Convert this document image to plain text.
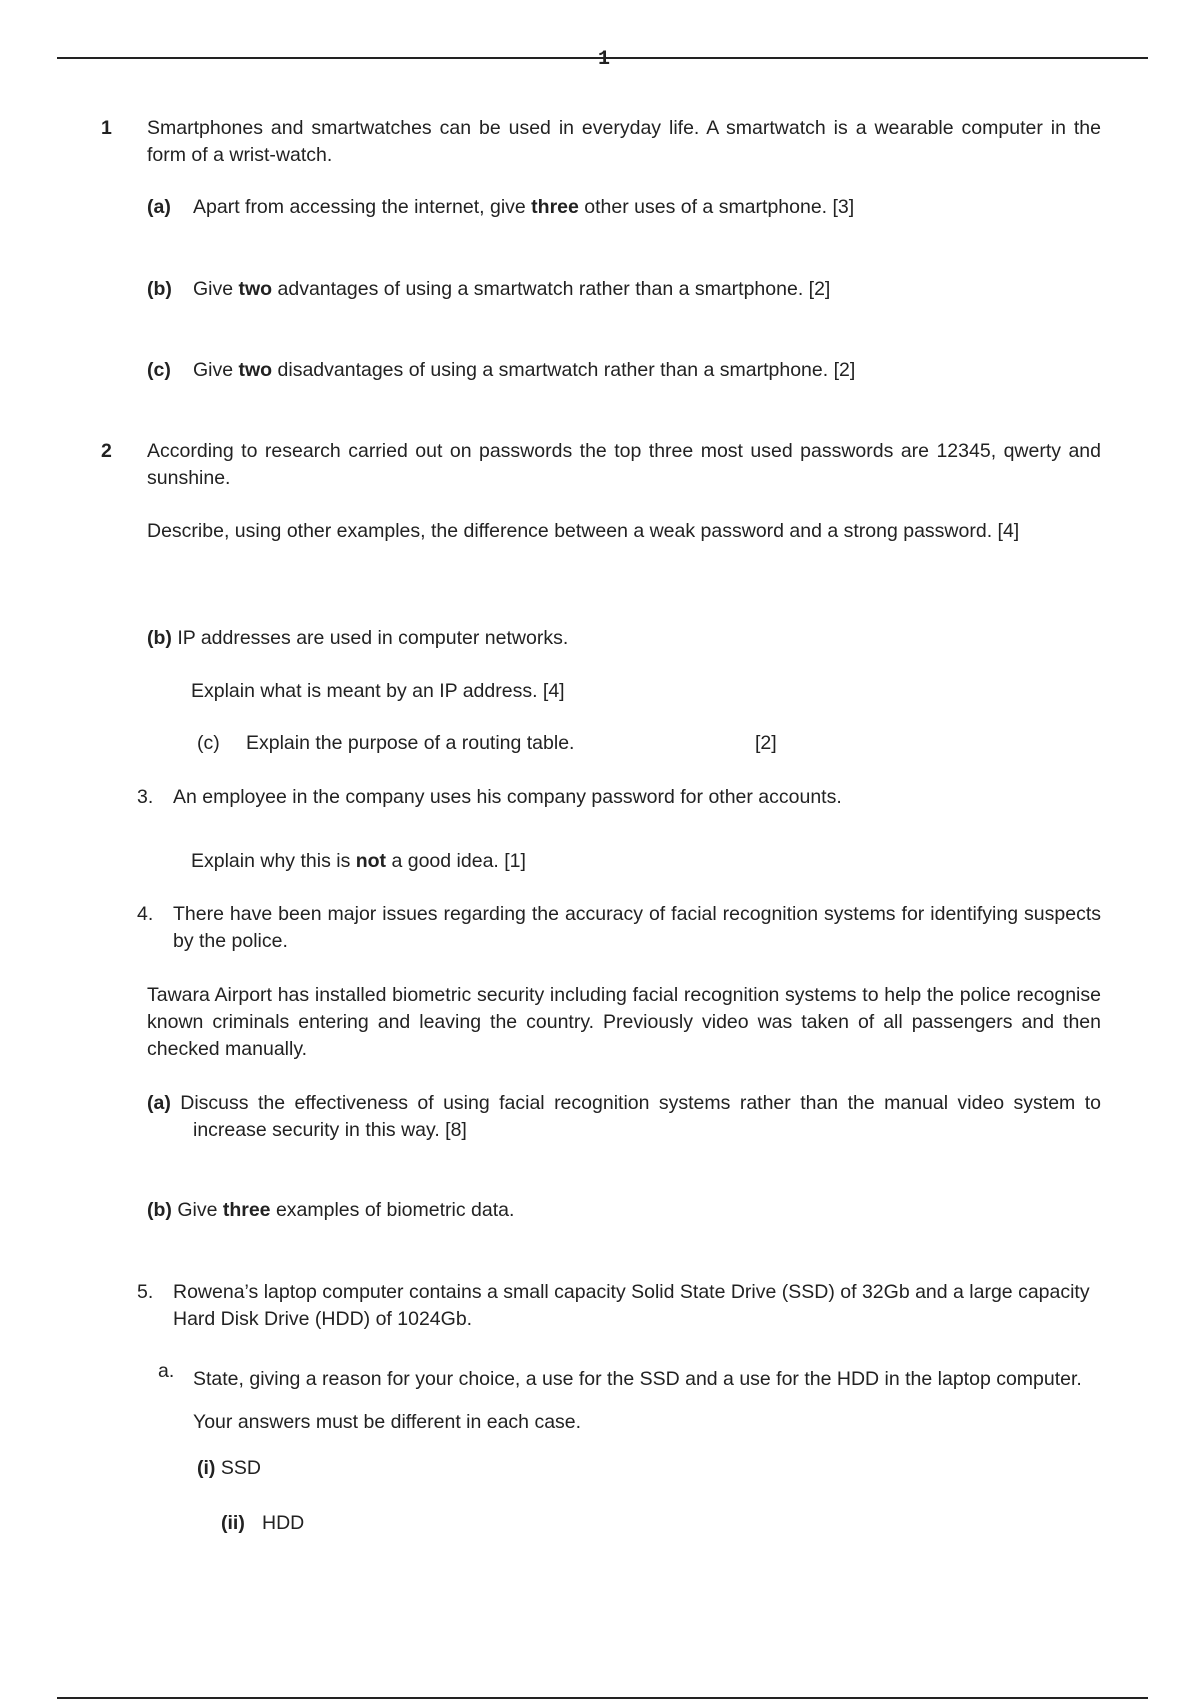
1
1 Smartphones and smartwatches can be used in everyday life. A smartwatch is a wearable computer in the form of a wrist-watch.
(a) Apart from accessing the internet, give three other uses of a smartphone. [3]
(b) Give two advantages of using a smartwatch rather than a smartphone. [2]
(c) Give two disadvantages of using a smartwatch rather than a smartphone. [2]
2 According to research carried out on passwords the top three most used passwords are 12345, qwerty and sunshine.
Describe, using other examples, the difference between a weak password and a strong password. [4]
(b) IP addresses are used in computer networks.
Explain what is meant by an IP address. [4]
(c) Explain the purpose of a routing table.	[2]
3. An employee in the company uses his company password for other accounts.
Explain why this is not a good idea. [1]
4. There have been major issues regarding the accuracy of facial recognition systems for identifying suspects by the police.
Tawara Airport has installed biometric security including facial recognition systems to help the police recognise known criminals entering and leaving the country. Previously video was taken of all passengers and then checked manually.
(a) Discuss the effectiveness of using facial recognition systems rather than the manual video system to increase security in this way. [8]
(b) Give three examples of biometric data.
5. Rowena’s laptop computer contains a small capacity Solid State Drive (SSD) of 32Gb and a large capacity Hard Disk Drive (HDD) of 1024Gb.
a. State, giving a reason for your choice, a use for the SSD and a use for the HDD in the laptop computer. Your answers must be different in each case.
(i) SSD
(ii) HDD
